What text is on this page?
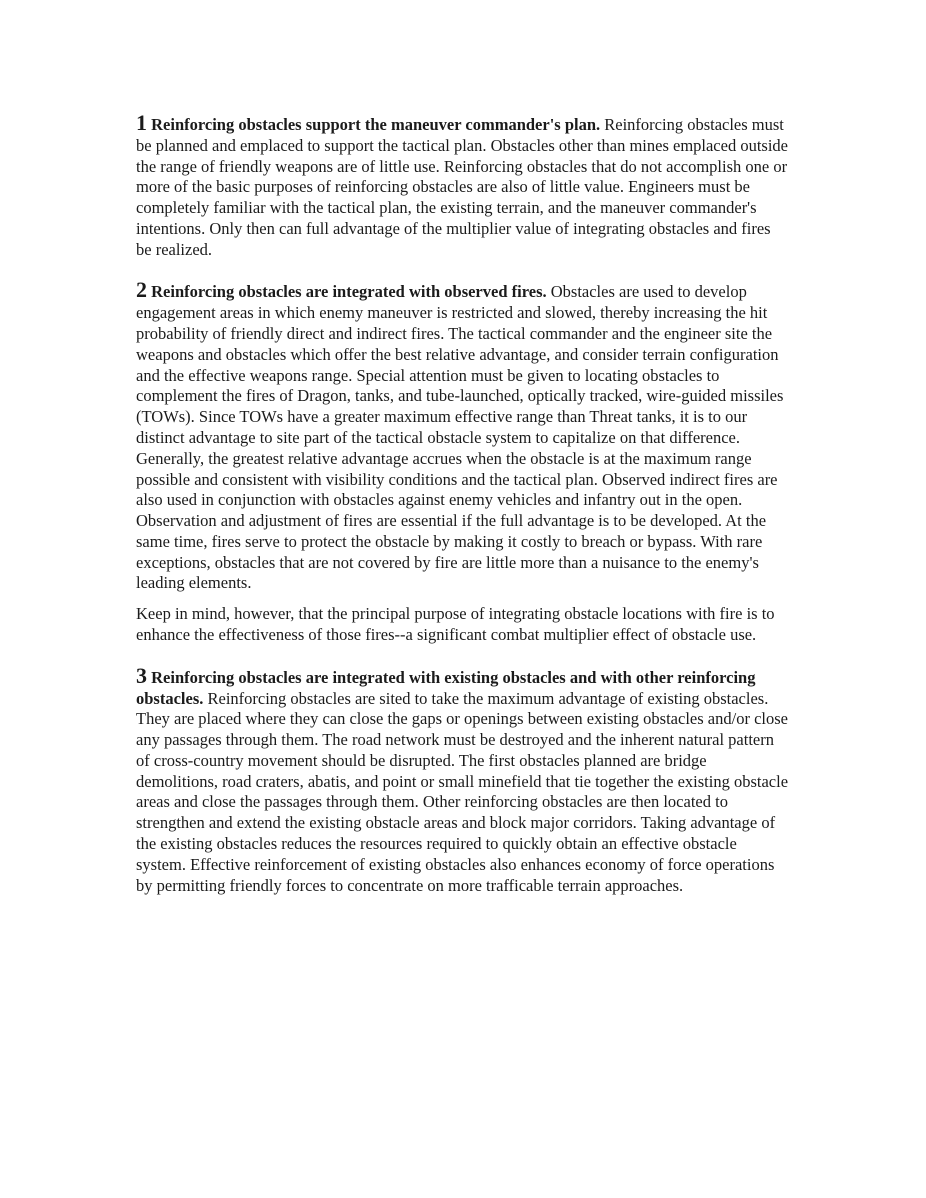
1 Reinforcing obstacles support the maneuver commander's plan. Reinforcing obstacles must be planned and emplaced to support the tactical plan. Obstacles other than mines emplaced outside the range of friendly weapons are of little use. Reinforcing obstacles that do not accomplish one or more of the basic purposes of reinforcing obstacles are also of little value. Engineers must be completely familiar with the tactical plan, the existing terrain, and the maneuver commander's intentions. Only then can full advantage of the multiplier value of integrating obstacles and fires be realized.

2 Reinforcing obstacles are integrated with observed fires. Obstacles are used to develop engagement areas in which enemy maneuver is restricted and slowed, thereby increasing the hit probability of friendly direct and indirect fires. The tactical commander and the engineer site the weapons and obstacles which offer the best relative advantage, and consider terrain configuration and the effective weapons range. Special attention must be given to locating obstacles to complement the fires of Dragon, tanks, and tube-launched, optically tracked, wire-guided missiles (TOWs). Since TOWs have a greater maximum effective range than Threat tanks, it is to our distinct advantage to site part of the tactical obstacle system to capitalize on that difference. Generally, the greatest relative advantage accrues when the obstacle is at the maximum range possible and consistent with visibility conditions and the tactical plan. Observed indirect fires are also used in conjunction with obstacles against enemy vehicles and infantry out in the open. Observation and adjustment of fires are essential if the full advantage is to be developed. At the same time, fires serve to protect the obstacle by making it costly to breach or bypass. With rare exceptions, obstacles that are not covered by fire are little more than a nuisance to the enemy's leading elements.

Keep in mind, however, that the principal purpose of integrating obstacle locations with fire is to enhance the effectiveness of those fires--a significant combat multiplier effect of obstacle use.

3 Reinforcing obstacles are integrated with existing obstacles and with other reinforcing obstacles. Reinforcing obstacles are sited to take the maximum advantage of existing obstacles. They are placed where they can close the gaps or openings between existing obstacles and/or close any passages through them. The road network must be destroyed and the inherent natural pattern of cross-country movement should be disrupted. The first obstacles planned are bridge demolitions, road craters, abatis, and point or small minefield that tie together the existing obstacle areas and close the passages through them. Other reinforcing obstacles are then located to strengthen and extend the existing obstacle areas and block major corridors. Taking advantage of the existing obstacles reduces the resources required to quickly obtain an effective obstacle system. Effective reinforcement of existing obstacles also enhances economy of force operations by permitting friendly forces to concentrate on more trafficable terrain approaches.
